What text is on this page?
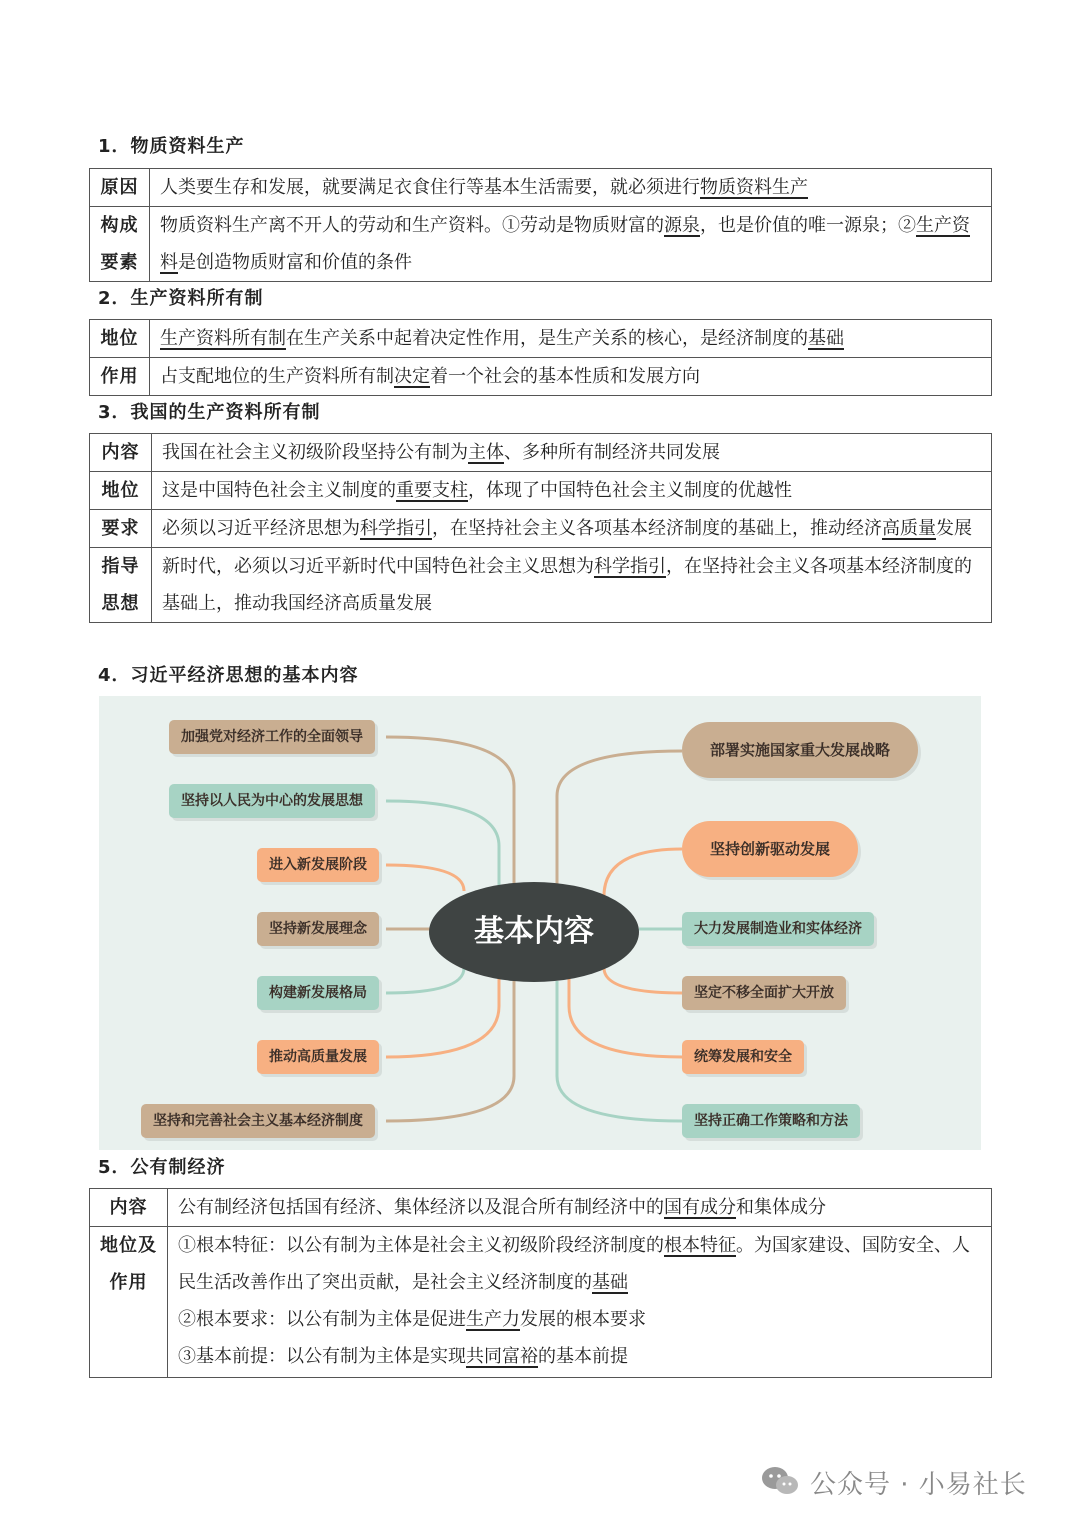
1．物质资料生产
原因	人类要生存和发展，就要满足衣食住行等基本生活需要，就必须进行物质资料生产
构成要素	物质资料生产离不开人的劳动和生产资料。①劳动是物质财富的源泉，也是价值的唯一源泉；②生产资料是创造物质财富和价值的条件
2．生产资料所有制
地位	生产资料所有制在生产关系中起着决定性作用，是生产关系的核心，是经济制度的基础
作用	占支配地位的生产资料所有制决定着一个社会的基本性质和发展方向
3．我国的生产资料所有制
内容	我国在社会主义初级阶段坚持公有制为主体、多种所有制经济共同发展
地位	这是中国特色社会主义制度的重要支柱，体现了中国特色社会主义制度的优越性
要求	必须以习近平经济思想为科学指引，在坚持社会主义各项基本经济制度的基础上，推动经济高质量发展
指导思想	新时代，必须以习近平新时代中国特色社会主义思想为科学指引，在坚持社会主义各项基本经济制度的基础上，推动我国经济高质量发展
4．习近平经济思想的基本内容
加强党对经济工作的全面领导
坚持以人民为中心的发展思想
进入新发展阶段
坚持新发展理念
构建新发展格局
推动高质量发展
坚持和完善社会主义基本经济制度
基本内容
部署实施国家重大发展战略
坚持创新驱动发展
大力发展制造业和实体经济
坚定不移全面扩大开放
统筹发展和安全
坚持正确工作策略和方法
5．公有制经济
内容	公有制经济包括国有经济、集体经济以及混合所有制经济中的国有成分和集体成分
地位及作用	①根本特征：以公有制为主体是社会主义初级阶段经济制度的根本特征。为国家建设、国防安全、人民生活改善作出了突出贡献，是社会主义经济制度的基础
②根本要求：以公有制为主体是促进生产力发展的根本要求
③基本前提：以公有制为主体是实现共同富裕的基本前提
公众号 · 小易社长
